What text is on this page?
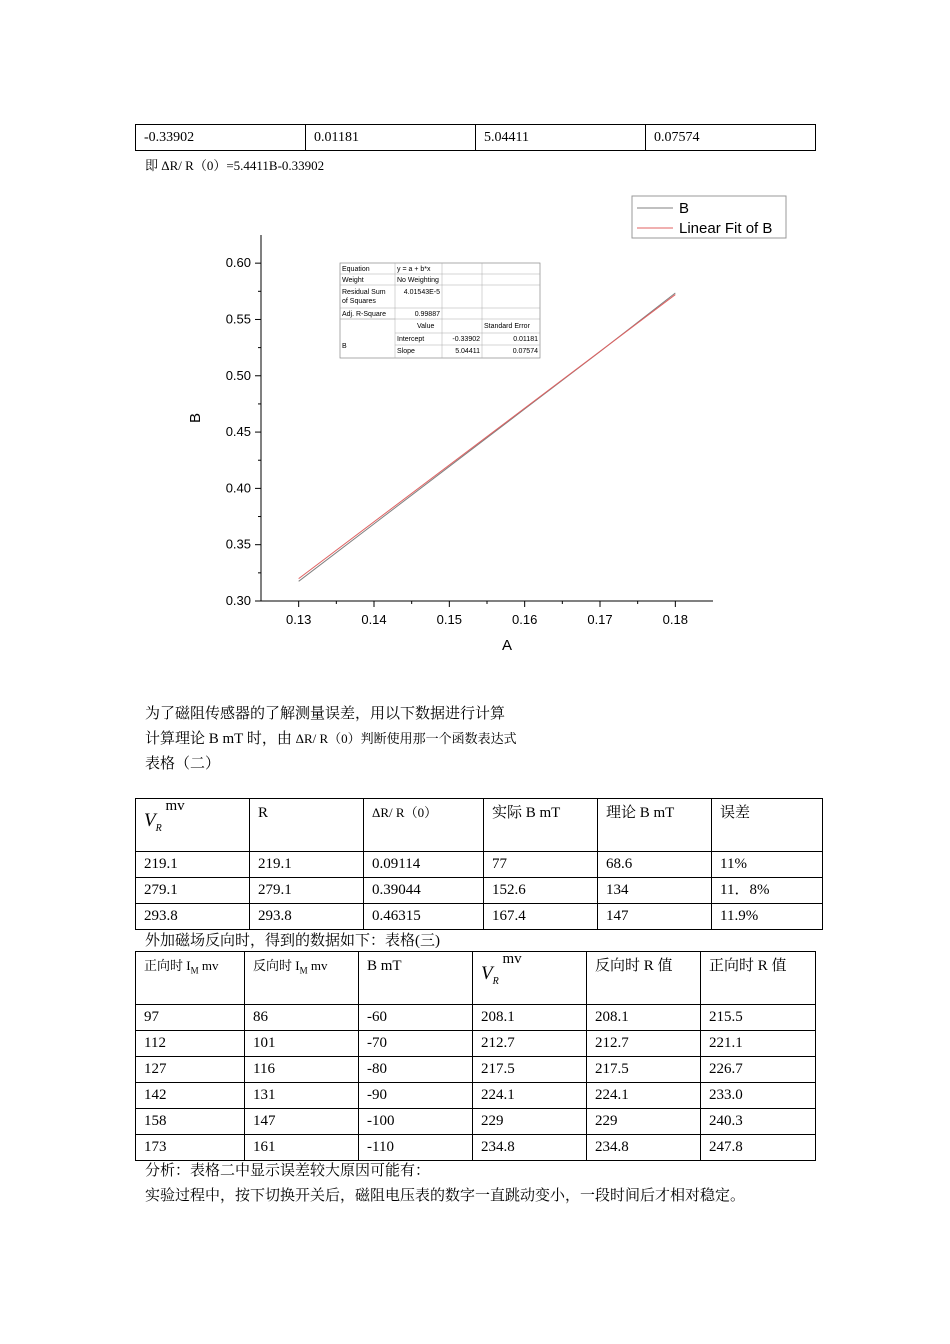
-0.33902	0.01181	5.04411	0.07574
即 ΔR/ R（0）=5.4411B-0.33902
0.13	0.14	0.15	0.16	0.17	0.18
0.30
0.35
0.40
0.45
0.50
0.55
0.60
A
B
B
Linear Fit of B
Equation	y = a + b*x
Weight	No Weighting
Residual Sum
of Squares
4.01543E-5
Adj. R-Square	0.99887
Value	Standard Error
B
Intercept	-0.33902	0.01181
Slope	5.04411	0.07574
为了磁阻传感器的了解测量误差，用以下数据进行计算
计算理论 B mT 时，由 ΔR/ R（0）判断使用那一个函数表达式
表格（二）
$V_R$ mv	R	ΔR/ R（0）	实际 B mT	理论 B mT	误差
219.1	219.1	0.09114	77	68.6	11%
279.1	279.1	0.39044	152.6	134	11．8%
293.8	293.8	0.46315	167.4	147	11.9%
外加磁场反向时，得到的数据如下：表格(三)
正向时 $I_M$ mv	反向时 $I_M$ mv	B mT	$V_R$ mv	反向时 R 值	正向时 R 值
97	86	-60	208.1	208.1	215.5
112	101	-70	212.7	212.7	221.1
127	116	-80	217.5	217.5	226.7
142	131	-90	224.1	224.1	233.0
158	147	-100	229	229	240.3
173	161	-110	234.8	234.8	247.8
分析：表格二中显示误差较大原因可能有：
实验过程中，按下切换开关后，磁阻电压表的数字一直跳动变小，一段时间后才相对稳定。
